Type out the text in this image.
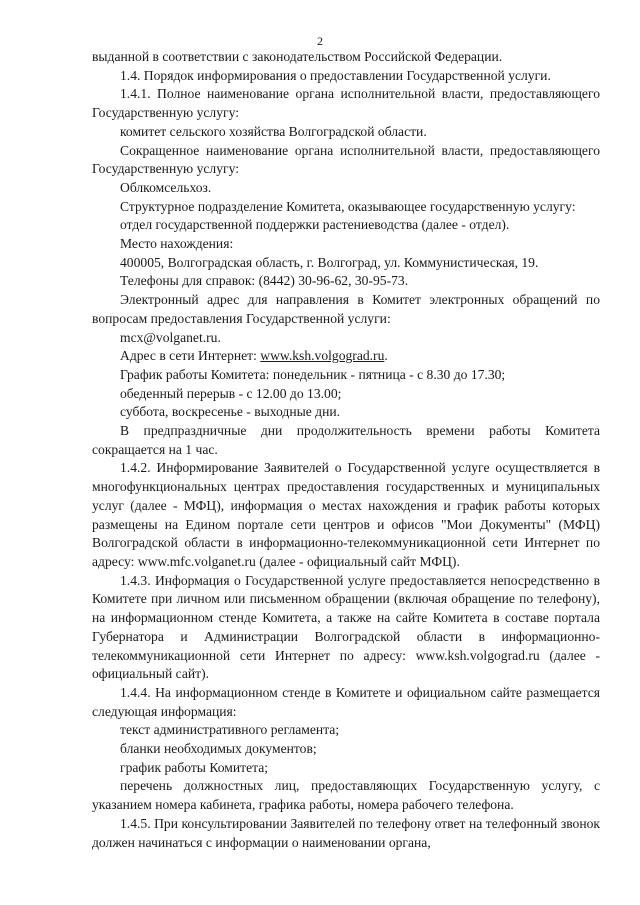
2

выданной в соответствии с законодательством Российской Федерации.

1.4. Порядок информирования о предоставлении Государственной услуги.

1.4.1. Полное наименование органа исполнительной власти, предоставляющего Государственную услугу:

комитет сельского хозяйства Волгоградской области.

Сокращенное наименование органа исполнительной власти, предоставляющего Государственную услугу:

Облкомсельхоз.

Структурное подразделение Комитета, оказывающее государственную услугу:

отдел государственной поддержки растениеводства (далее - отдел).

Место нахождения:

400005, Волгоградская область, г. Волгоград, ул. Коммунистическая, 19.

Телефоны для справок: (8442) 30-96-62, 30-95-73.

Электронный адрес для направления в Комитет электронных обращений по вопросам предоставления Государственной услуги:

mcx@volganet.ru.

Адрес в сети Интернет: www.ksh.volgograd.ru.

График работы Комитета: понедельник - пятница - с 8.30 до 17.30;

обеденный перерыв - с 12.00 до 13.00;

суббота, воскресенье - выходные дни.

В предпраздничные дни продолжительность времени работы Комитета сокращается на 1 час.

1.4.2. Информирование Заявителей о Государственной услуге осуществляется в многофункциональных центрах предоставления государственных и муниципальных услуг (далее - МФЦ), информация о местах нахождения и график работы которых размещены на Едином портале сети центров и офисов "Мои Документы" (МФЦ) Волгоградской области в информационно-телекоммуникационной сети Интернет по адресу: www.mfc.volganet.ru (далее - официальный сайт МФЦ).

1.4.3. Информация о Государственной услуге предоставляется непосредственно в Комитете при личном или письменном обращении (включая обращение по телефону), на информационном стенде Комитета, а также на сайте Комитета в составе портала Губернатора и Администрации Волгоградской области в информационно-телекоммуникационной сети Интернет по адресу: www.ksh.volgograd.ru (далее - официальный сайт).

1.4.4. На информационном стенде в Комитете и официальном сайте размещается следующая информация:

текст административного регламента;

бланки необходимых документов;

график работы Комитета;

перечень должностных лиц, предоставляющих Государственную услугу, с указанием номера кабинета, графика работы, номера рабочего телефона.

1.4.5. При консультировании Заявителей по телефону ответ на телефонный звонок должен начинаться с информации о наименовании органа,
